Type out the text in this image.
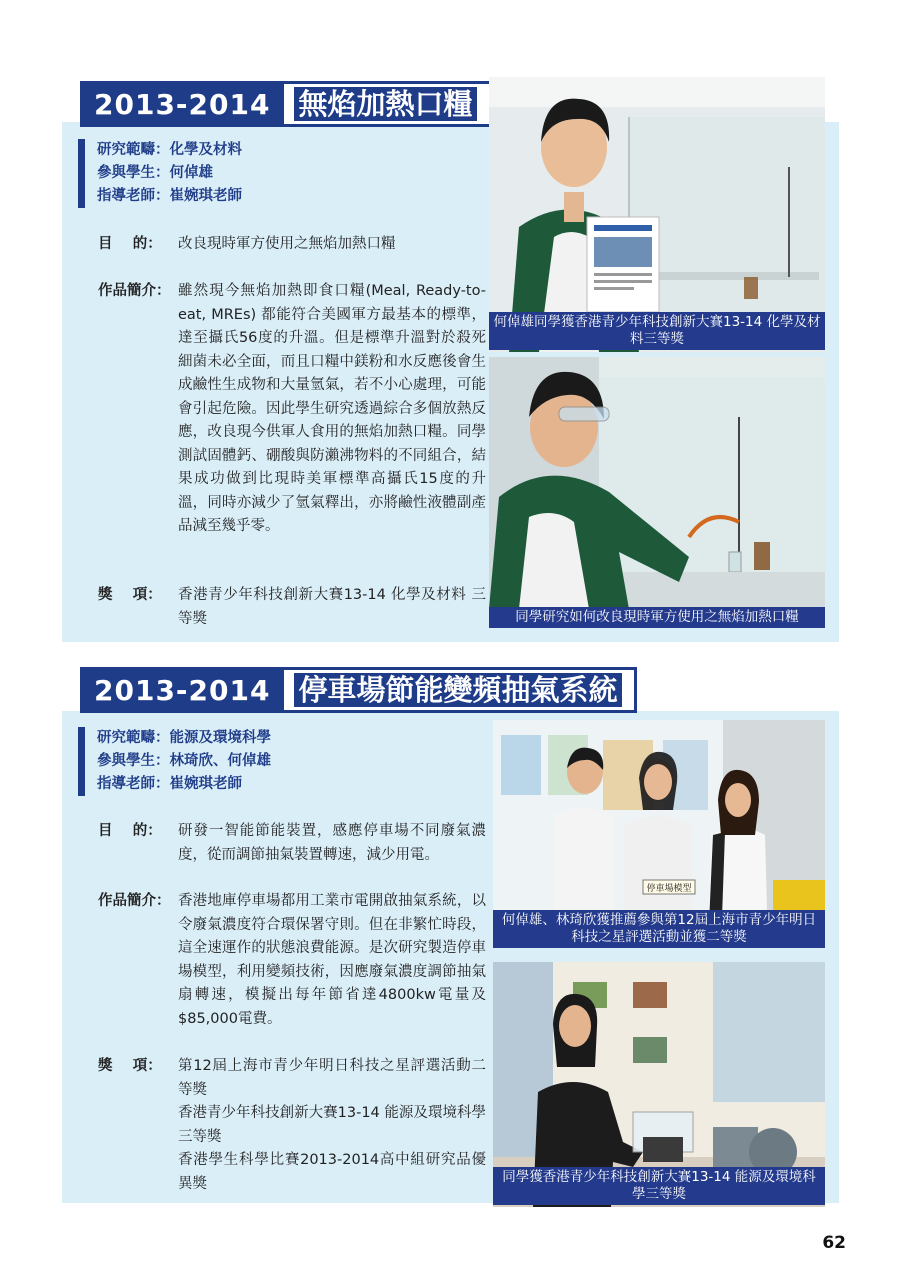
2013-2014 無焰加熱口糧
研究範疇：化學及材料
參與學生：何倬雄
指導老師：崔婉琪老師
目    的：	改良現時軍方使用之無焰加熱口糧
作品簡介： 雖然現今無焰加熱即食口糧(Meal, Ready-to-eat, MREs) 都能符合美國軍方最基本的標準，達至攝氏56度的升溫。但是標準升溫對於殺死細菌未必全面，而且口糧中鎂粉和水反應後會生成鹼性生成物和大量氫氣，若不小心處理，可能會引起危險。因此學生研究透過綜合多個放熱反應，改良現今供軍人食用的無焰加熱口糧。同學測試固體鈣、硼酸與防瀨沸物料的不同組合，結果成功做到比現時美軍標準高攝氏15度的升溫，同時亦減少了氫氣釋出，亦將鹼性液體副產品減至幾乎零。
獎    項：	香港青少年科技創新大賽13-14 化學及材料 三等獎
何倬雄同學獲香港青少年科技創新大賽13-14 化學及材料三等獎
同學研究如何改良現時軍方使用之無焰加熱口糧
2013-2014 停車場節能變頻抽氣系統
研究範疇：能源及環境科學
參與學生：林琦欣、何倬雄
指導老師：崔婉琪老師
目    的：	研發一智能節能裝置，感應停車場不同廢氣濃度，從而調節抽氣裝置轉速，減少用電。
作品簡介： 香港地庫停車場都用工業市電開啟抽氣系統，以令廢氣濃度符合環保署守則。但在非繁忙時段，這全速運作的狀態浪費能源。是次研究製造停車場模型，利用變頻技術，因應廢氣濃度調節抽氣扇轉速，模擬出每年節省達4800kw電量及$85,000電費。
獎    項：	第12屆上海市青少年明日科技之星評選活動二等獎
香港青少年科技創新大賽13-14 能源及環境科學 三等獎
香港學生科學比賽2013-2014高中組研究品優異獎
停車場模型
何倬雄、林琦欣獲推薦參與第12屆上海市青少年明日科技之星評選活動並獲二等獎
同學獲香港青少年科技創新大賽13-14 能源及環境科學三等獎
62
